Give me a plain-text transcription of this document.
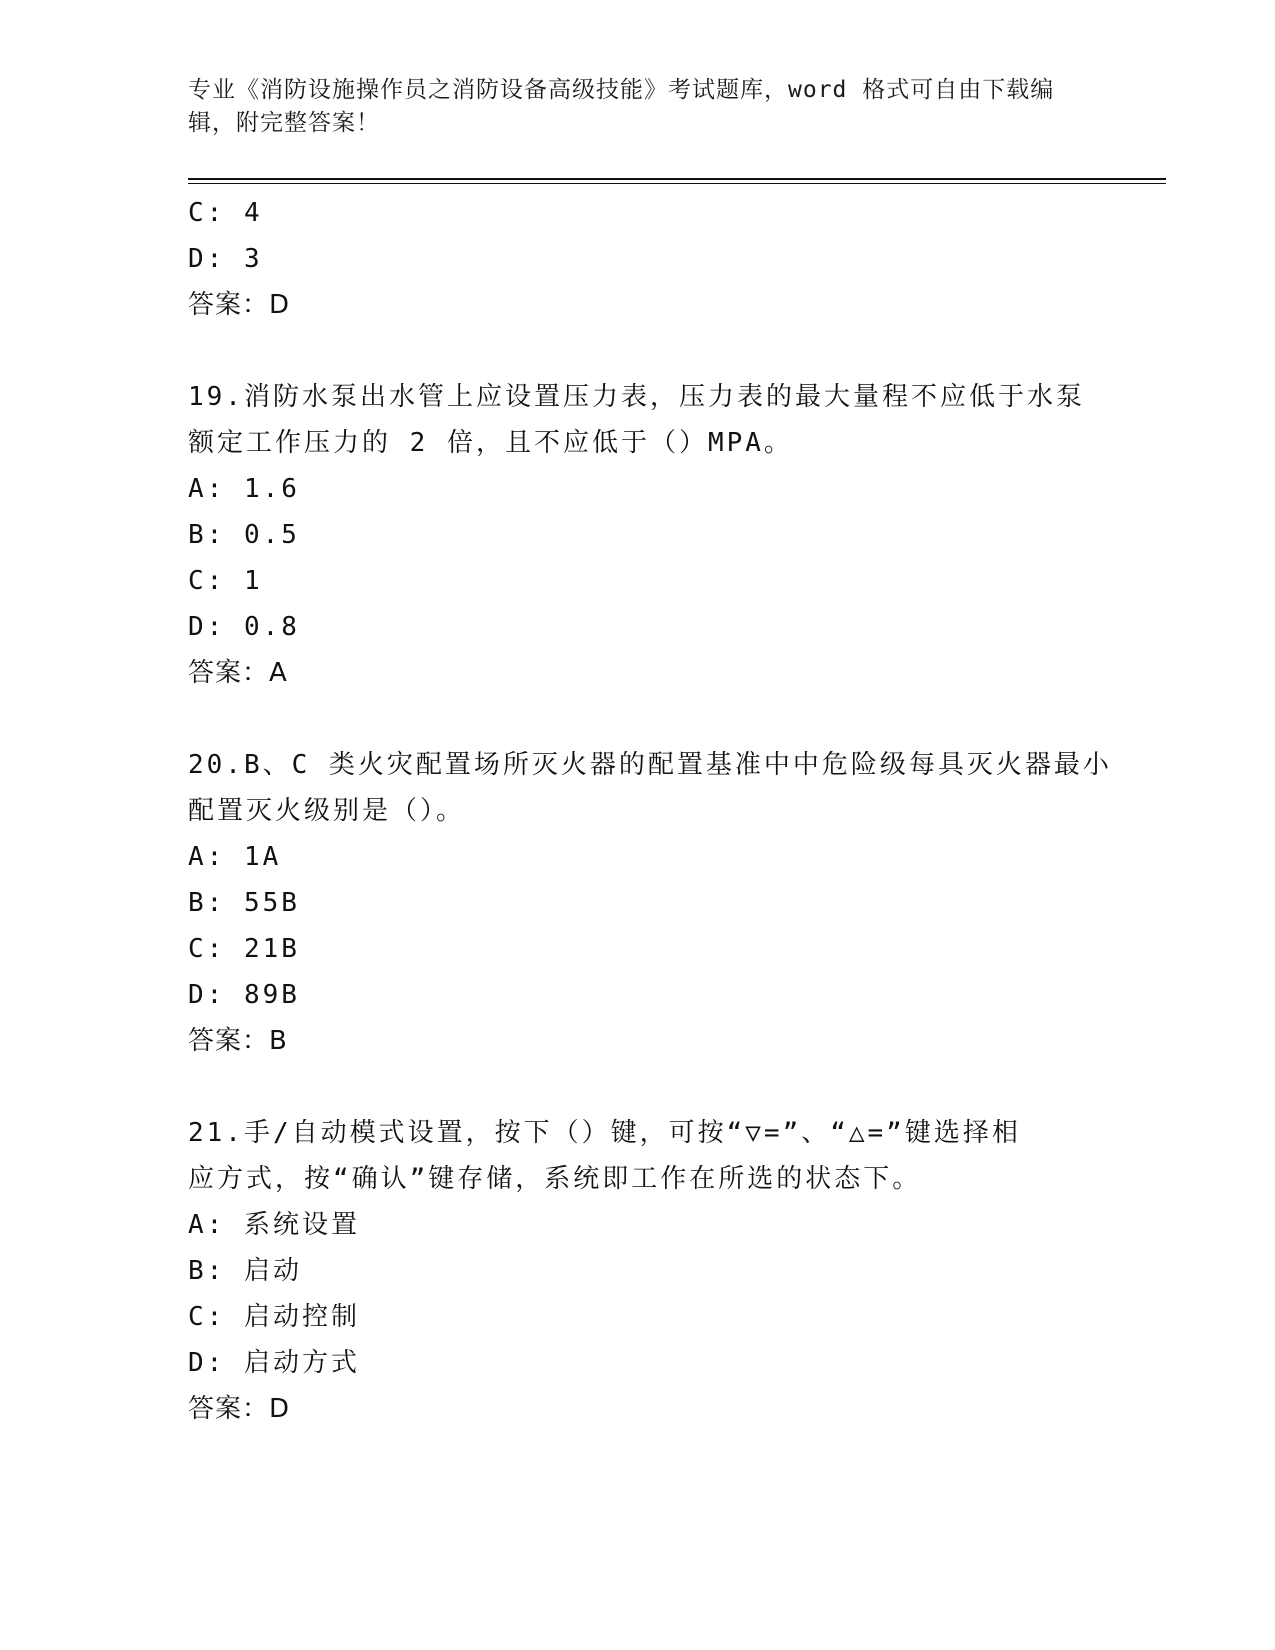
专业《消防设施操作员之消防设备高级技能》考试题库，word 格式可自由下载编
辑，附完整答案！
C: 4
D: 3
答案：D
19.消防水泵出水管上应设置压力表，压力表的最大量程不应低于水泵
额定工作压力的 2 倍，且不应低于（）MPA。
A: 1.6
B: 0.5
C: 1
D: 0.8
答案：A
20.B、C 类火灾配置场所灭火器的配置基准中中危险级每具灭火器最小
配置灭火级别是（）。
A: 1A
B: 55B
C: 21B
D: 89B
答案：B
21.手/自动模式设置，按下（）键，可按“▽=”、“△=”键选择相
应方式，按“确认”键存储，系统即工作在所选的状态下。
A: 系统设置
B: 启动
C: 启动控制
D: 启动方式
答案：D
